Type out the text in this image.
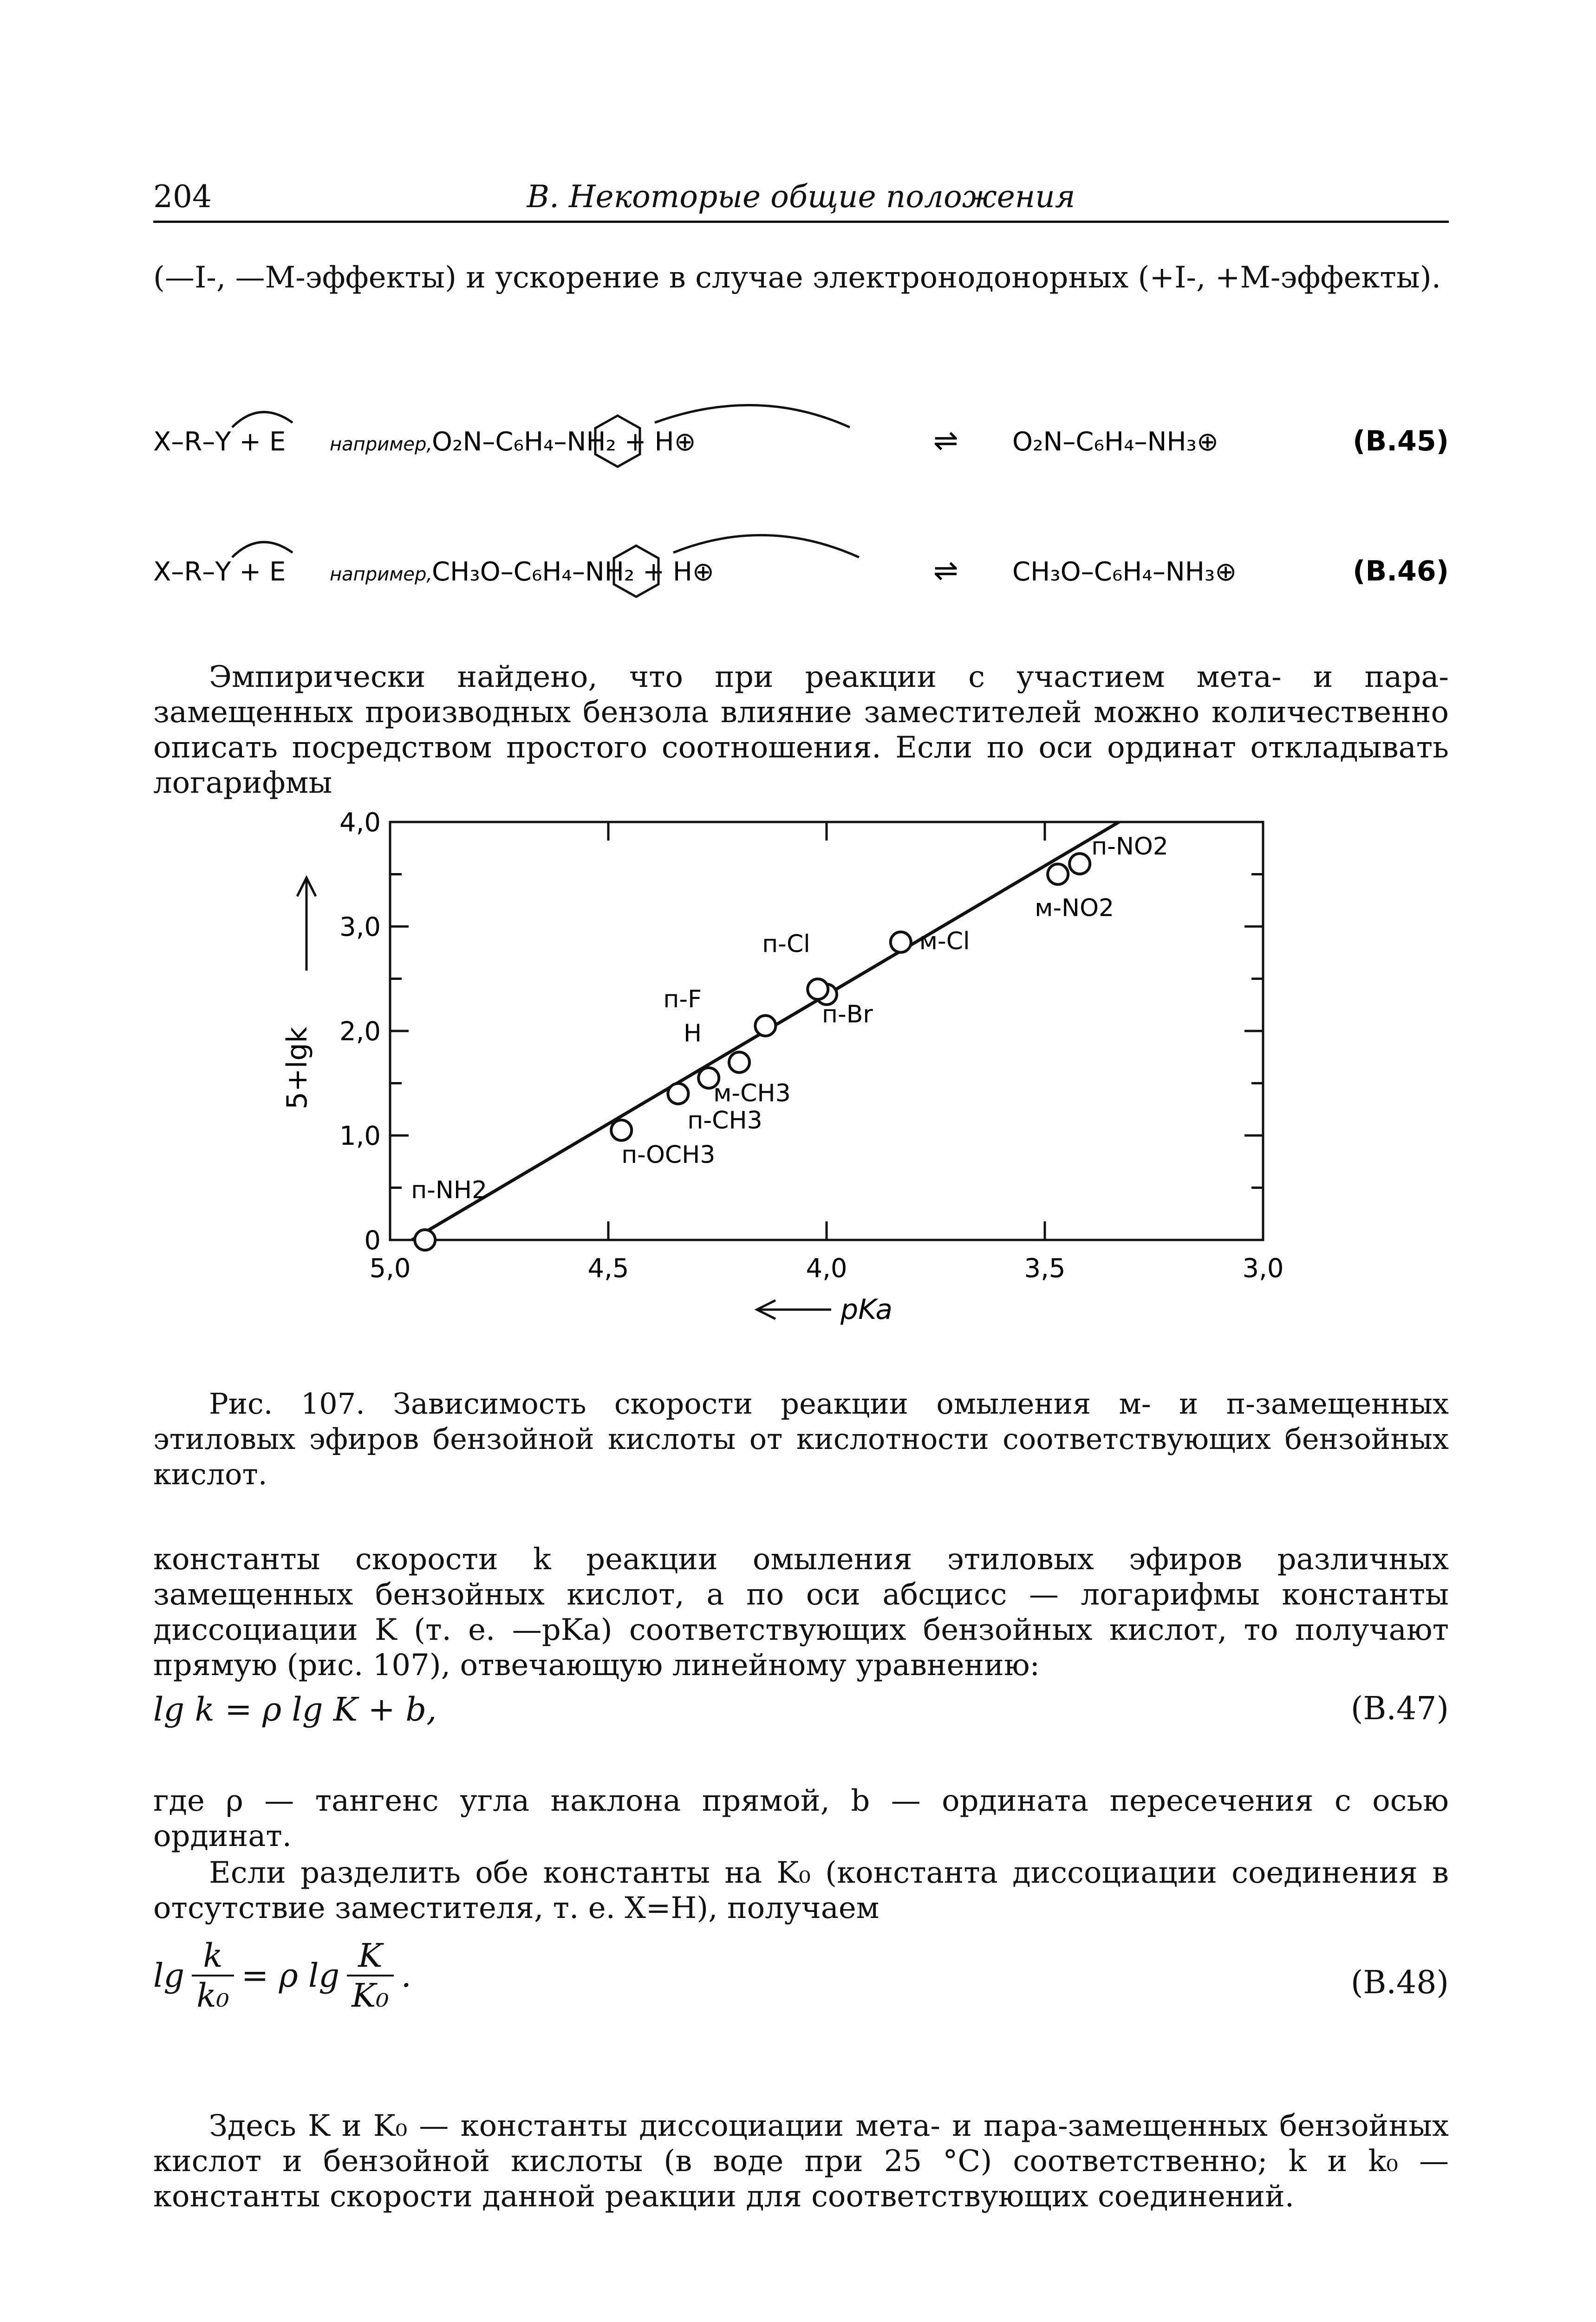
204	В. Некоторые общие положения

(—I-, —M-эффекты) и ускорение в случае электронодонорных (+I-, +M-эффекты).

X–R–Y + E например,
O₂N–C₆H₄–NH₂ + H⊕	⇌ O₂N–C₆H₄–NH₃⊕	(B.45)
X–R–Y + E например,
CH₃O–C₆H₄–NH₂ + H⊕	⇌ CH₃O–C₆H₄–NH₃⊕	(B.46)

Эмпирически найдено, что при реакции с участием мета- и пара-замещенных производных бензола влияние заместителей можно количественно описать посредством простого соотношения. Если по оси ординат откладывать логарифмы

5,0	4,5	4,0	3,5	3,0
0
1,0
2,0
3,0
4,0
п-NH2
п-OCH3
п-CH3
м-CH3
H
п-F
п-Br
п-Cl	м-Cl
м-NO2
п-NO2
5+lgk
pKa

Рис. 107. Зависимость скорости реакции омыления м- и п-замещенных этиловых эфиров бензойной кислоты от кислотности соответствующих бензойных кислот.

константы скорости k реакции омыления этиловых эфиров различных замещенных бензойных кислот, а по оси абсцисс — логарифмы константы диссоциации K (т. е. —pKa) соответствующих бензойных кислот, то получают прямую (рис. 107), отвечающую линейному уравнению:

lg k = ρ lg K + b,	(B.47)

где ρ — тангенс угла наклона прямой, b — ордината пересечения с осью ординат.

Если разделить обе константы на K₀ (константа диссоциации соединения в отсутствие заместителя, т. е. X=H), получаем

$\lg \frac{k}{\text{k₀}} = \rho$ $\lg \frac{K}{\text{K₀}}$ .	(B.48)

Здесь K и K₀ — константы диссоциации мета- и пара-замещенных бензойных кислот и бензойной кислоты (в воде при 25 °С) соответственно; k и k₀ — константы скорости данной реакции для соответствующих соединений.
